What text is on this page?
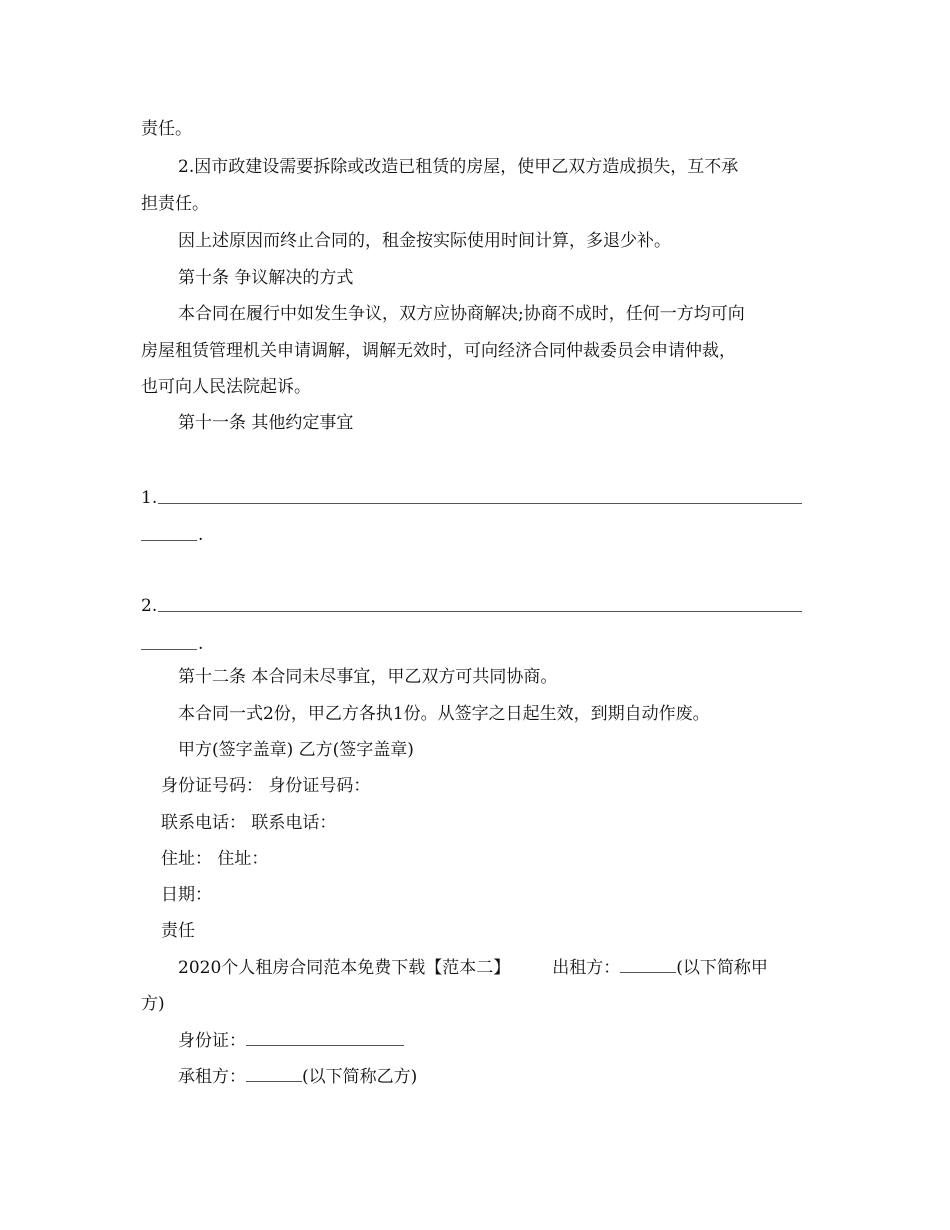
责任。

2.因市政建设需要拆除或改造已租赁的房屋，使甲乙双方造成损失，互不承

担责任。

因上述原因而终止合同的，租金按实际使用时间计算，多退少补。

第十条 争议解决的方式

本合同在履行中如发生争议，双方应协商解决;协商不成时，任何一方均可向

房屋租赁管理机关申请调解，调解无效时，可向经济合同仲裁委员会申请仲裁，

也可向人民法院起诉。

第十一条 其他约定事宜

1.

.

2.

.

第十二条 本合同未尽事宜，甲乙双方可共同协商。

本合同一式2份，甲乙方各执1份。从签字之日起生效，到期自动作废。

甲方(签字盖章) 乙方(签字盖章)

身份证号码： 身份证号码：

联系电话： 联系电话：

住址： 住址：

日期：

责任

2020个人租房合同范本免费下载【范本二】 出租方：	(以下简称甲

方)

身份证：

承租方：	(以下简称乙方)
